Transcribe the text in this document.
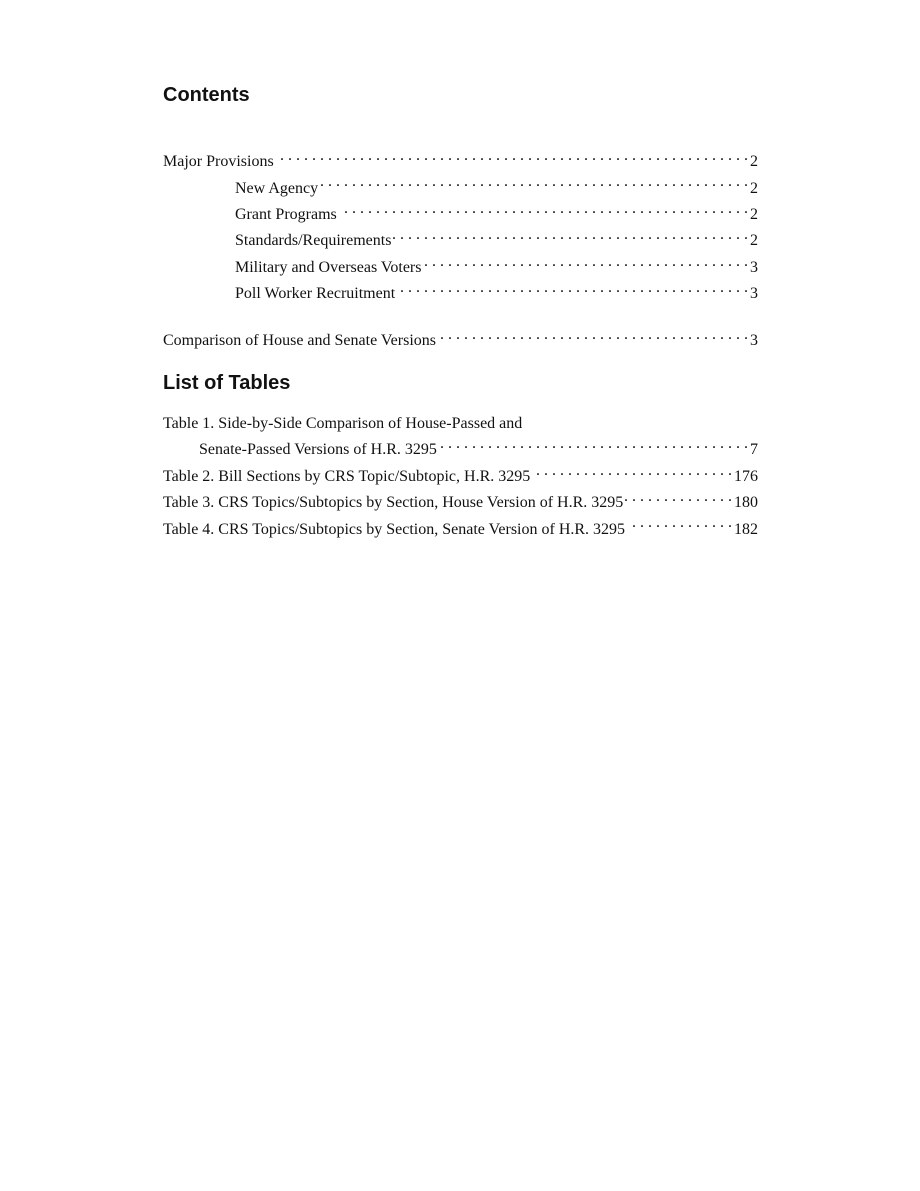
Contents
Major Provisions . . .	2
New Agency . . .	2
Grant Programs . . .	2
Standards/Requirements . . .	2
Military and Overseas Voters . . .	3
Poll Worker Recruitment . . .	3
Comparison of House and Senate Versions . . .	3
List of Tables
Table 1. Side-by-Side Comparison of House-Passed and
Senate-Passed Versions of H.R. 3295 . . .	7
Table 2. Bill Sections by CRS Topic/Subtopic, H.R. 3295 . . .	176
Table 3. CRS Topics/Subtopics by Section, House Version of H.R. 3295 . . .	180
Table 4. CRS Topics/Subtopics by Section, Senate Version of H.R. 3295 . . .	182
